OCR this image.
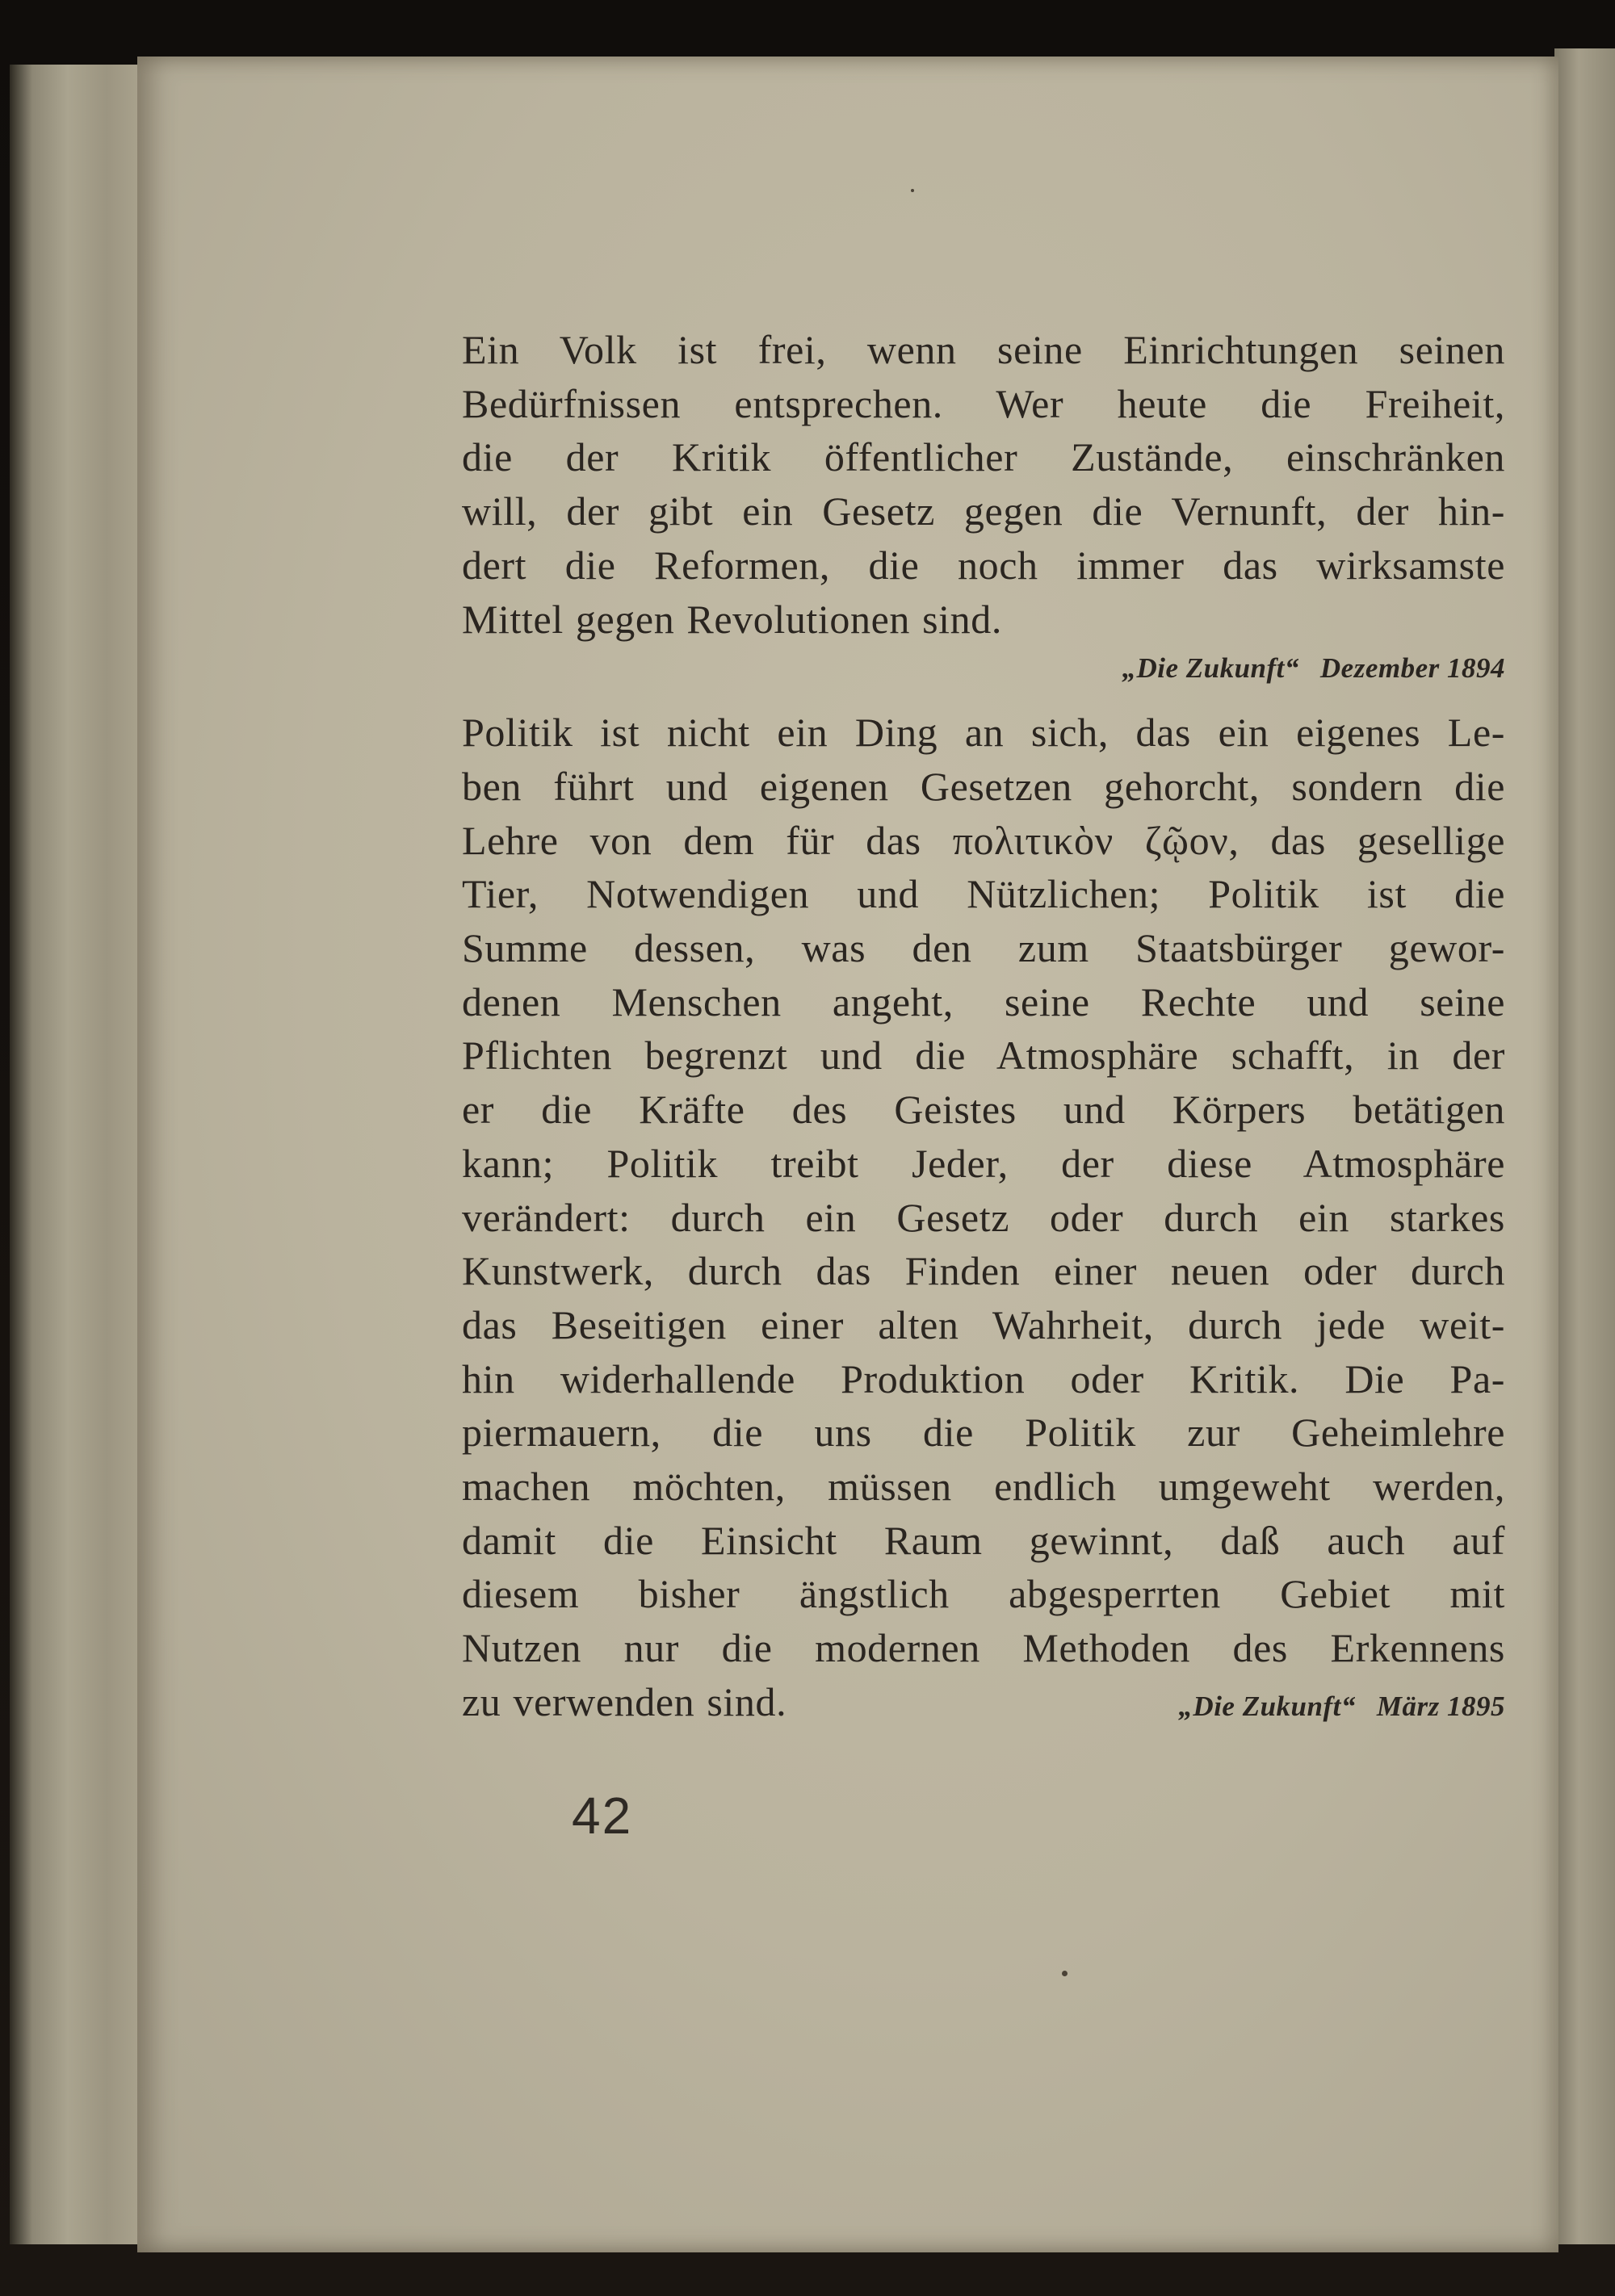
Ein Volk ist frei, wenn seine Einrichtungen seinen

Bedürfnissen entsprechen. Wer heute die Freiheit,

die der Kritik öffentlicher Zustände, einschränken

will, der gibt ein Gesetz gegen die Vernunft, der hin-

dert die Reformen, die noch immer das wirksamste

Mittel gegen Revolutionen sind.

„Die Zukunft“ Dezember 1894

Politik ist nicht ein Ding an sich, das ein eigenes Le-

ben führt und eigenen Gesetzen gehorcht, sondern die

Lehre von dem für das πολιτικὸν ζῷον, das gesellige

Tier, Notwendigen und Nützlichen; Politik ist die

Summe dessen, was den zum Staatsbürger gewor-

denen Menschen angeht, seine Rechte und seine

Pflichten begrenzt und die Atmosphäre schafft, in der

er die Kräfte des Geistes und Körpers betätigen

kann; Politik treibt Jeder, der diese Atmosphäre

verändert: durch ein Gesetz oder durch ein starkes

Kunstwerk, durch das Finden einer neuen oder durch

das Beseitigen einer alten Wahrheit, durch jede weit-

hin widerhallende Produktion oder Kritik. Die Pa-

piermauern, die uns die Politik zur Geheimlehre

machen möchten, müssen endlich umgeweht werden,

damit die Einsicht Raum gewinnt, daß auch auf

diesem bisher ängstlich abgesperrten Gebiet mit

Nutzen nur die modernen Methoden des Erkennens

zu verwenden sind.	„Die Zukunft“ März 1895
42
